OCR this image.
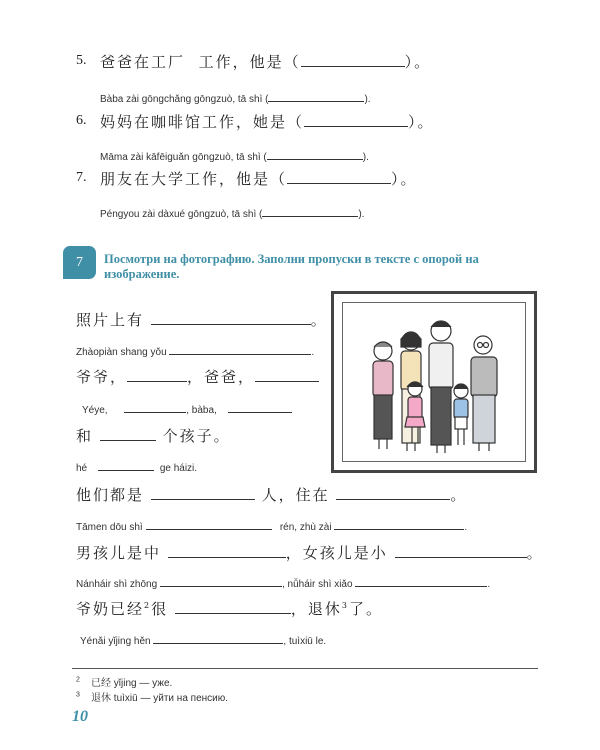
5. 爸爸在工厂 工作，他是（	）。
Bàba zài gōngchǎng gōngzuò, tā shì (	).
6. 妈妈在咖啡馆工作，她是（	）。
Māma zài kāfēiguǎn gōngzuò, tā shì (	).
7. 朋友在大学工作，他是（	）。
Péngyou zài dàxué gōngzuò, tā shì (	).
7	Посмотри на фотографию. Заполни пропуски в тексте с опорой на изображение.
照片上有	。
Zhàopiàn shang yǒu	.
爷爷，	，爸爸，
Yéye,	, bàba,
和	个孩子。
hé	ge háizi.
他们都是	人，住在	。
Tāmen dōu shì	rén, zhù zài	.
男孩儿是中	，女孩儿是小	。
Nánháir shì zhōng	, nǚháir shì xiǎo	.
爷奶已经$^2$很	，退休$^3$了。
Yénǎi yǐjing hěn	, tuìxiū le.
$^2$ 已经 yǐjing — уже.
$^3$ 退休 tuìxiū — уйти на пенсию.
10
